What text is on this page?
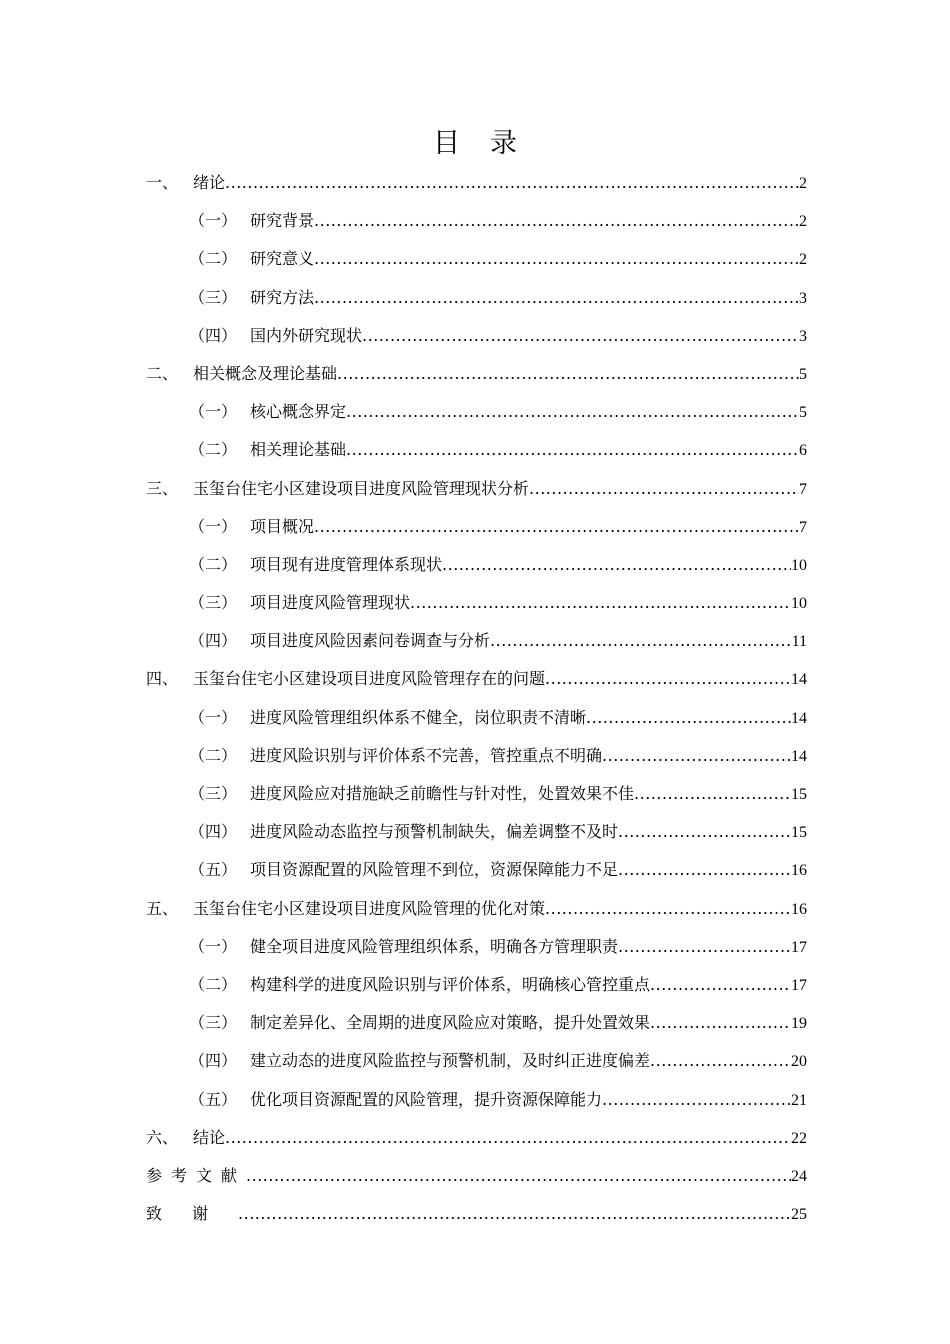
目 录
一、 绪论 .....	2
（一） 研究背景 .....	2
（二） 研究意义 .....	2
（三） 研究方法 .....	3
（四） 国内外研究现状 .....	3
二、 相关概念及理论基础 .....	5
（一） 核心概念界定 .....	5
（二） 相关理论基础 .....	6
三、 玉玺台住宅小区建设项目进度风险管理现状分析 .....	7
（一） 项目概况 .....	7
（二） 项目现有进度管理体系现状 .....	10
（三） 项目进度风险管理现状 .....	10
（四） 项目进度风险因素问卷调查与分析 .....	11
四、 玉玺台住宅小区建设项目进度风险管理存在的问题 .....	14
（一） 进度风险管理组织体系不健全，岗位职责不清晰 .....	14
（二） 进度风险识别与评价体系不完善，管控重点不明确 .....	14
（三） 进度风险应对措施缺乏前瞻性与针对性，处置效果不佳 .....	15
（四） 进度风险动态监控与预警机制缺失，偏差调整不及时 .....	15
（五） 项目资源配置的风险管理不到位，资源保障能力不足 .....	16
五、 玉玺台住宅小区建设项目进度风险管理的优化对策 .....	16
（一） 健全项目进度风险管理组织体系，明确各方管理职责 .....	17
（二） 构建科学的进度风险识别与评价体系，明确核心管控重点 .....	17
（三） 制定差异化、全周期的进度风险应对策略，提升处置效果 .....	19
（四） 建立动态的进度风险监控与预警机制，及时纠正进度偏差 .....	20
（五） 优化项目资源配置的风险管理，提升资源保障能力 .....	21
六、 结论 .....	22
参考文献 .....	24
致谢 .....	25
